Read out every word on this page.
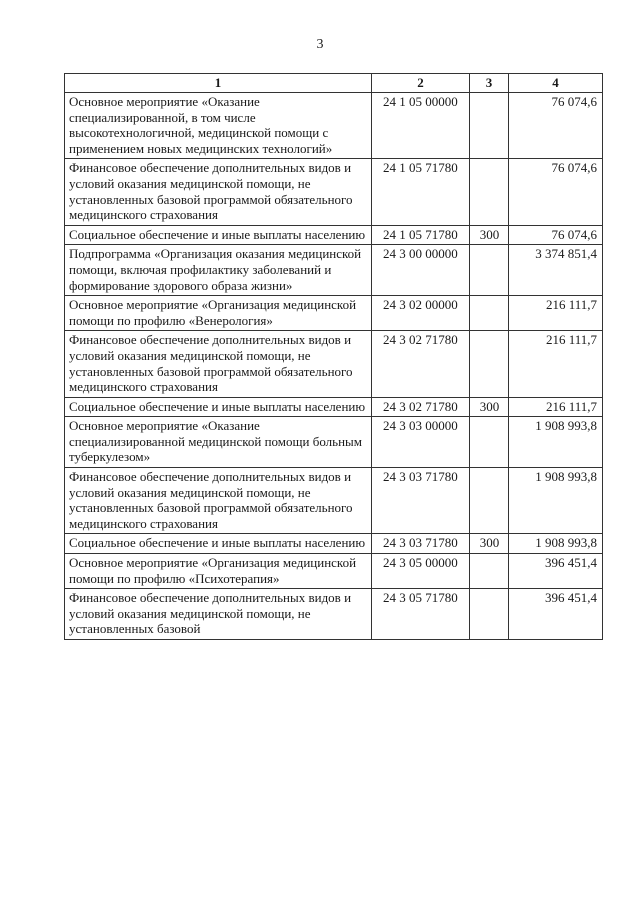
3
1	2	3	4
Основное мероприятие «Оказание специализированной, в том числе высокотехнологичной, медицинской помощи с применением новых медицинских технологий»	24 1 05 00000		76 074,6
Финансовое обеспечение дополнительных видов и условий оказания медицинской помощи, не установленных базовой программой обязательного медицинского страхования	24 1 05 71780		76 074,6
Социальное обеспечение и иные выплаты населению	24 1 05 71780	300	76 074,6
Подпрограмма «Организация оказания медицинской помощи, включая профилактику заболеваний и формирование здорового образа жизни»	24 3 00 00000		3 374 851,4
Основное мероприятие «Организация медицинской помощи по профилю «Венерология»	24 3 02 00000		216 111,7
Финансовое обеспечение дополнительных видов и условий оказания медицинской помощи, не установленных базовой программой обязательного медицинского страхования	24 3 02 71780		216 111,7
Социальное обеспечение и иные выплаты населению	24 3 02 71780	300	216 111,7
Основное мероприятие «Оказание специализированной медицинской помощи больным туберкулезом»	24 3 03 00000		1 908 993,8
Финансовое обеспечение дополнительных видов и условий оказания медицинской помощи, не установленных базовой программой обязательного медицинского страхования	24 3 03 71780		1 908 993,8
Социальное обеспечение и иные выплаты населению	24 3 03 71780	300	1 908 993,8
Основное мероприятие «Организация медицинской помощи по профилю «Психотерапия»	24 3 05 00000		396 451,4
Финансовое обеспечение дополнительных видов и условий оказания медицинской помощи, не установленных базовой	24 3 05 71780		396 451,4
